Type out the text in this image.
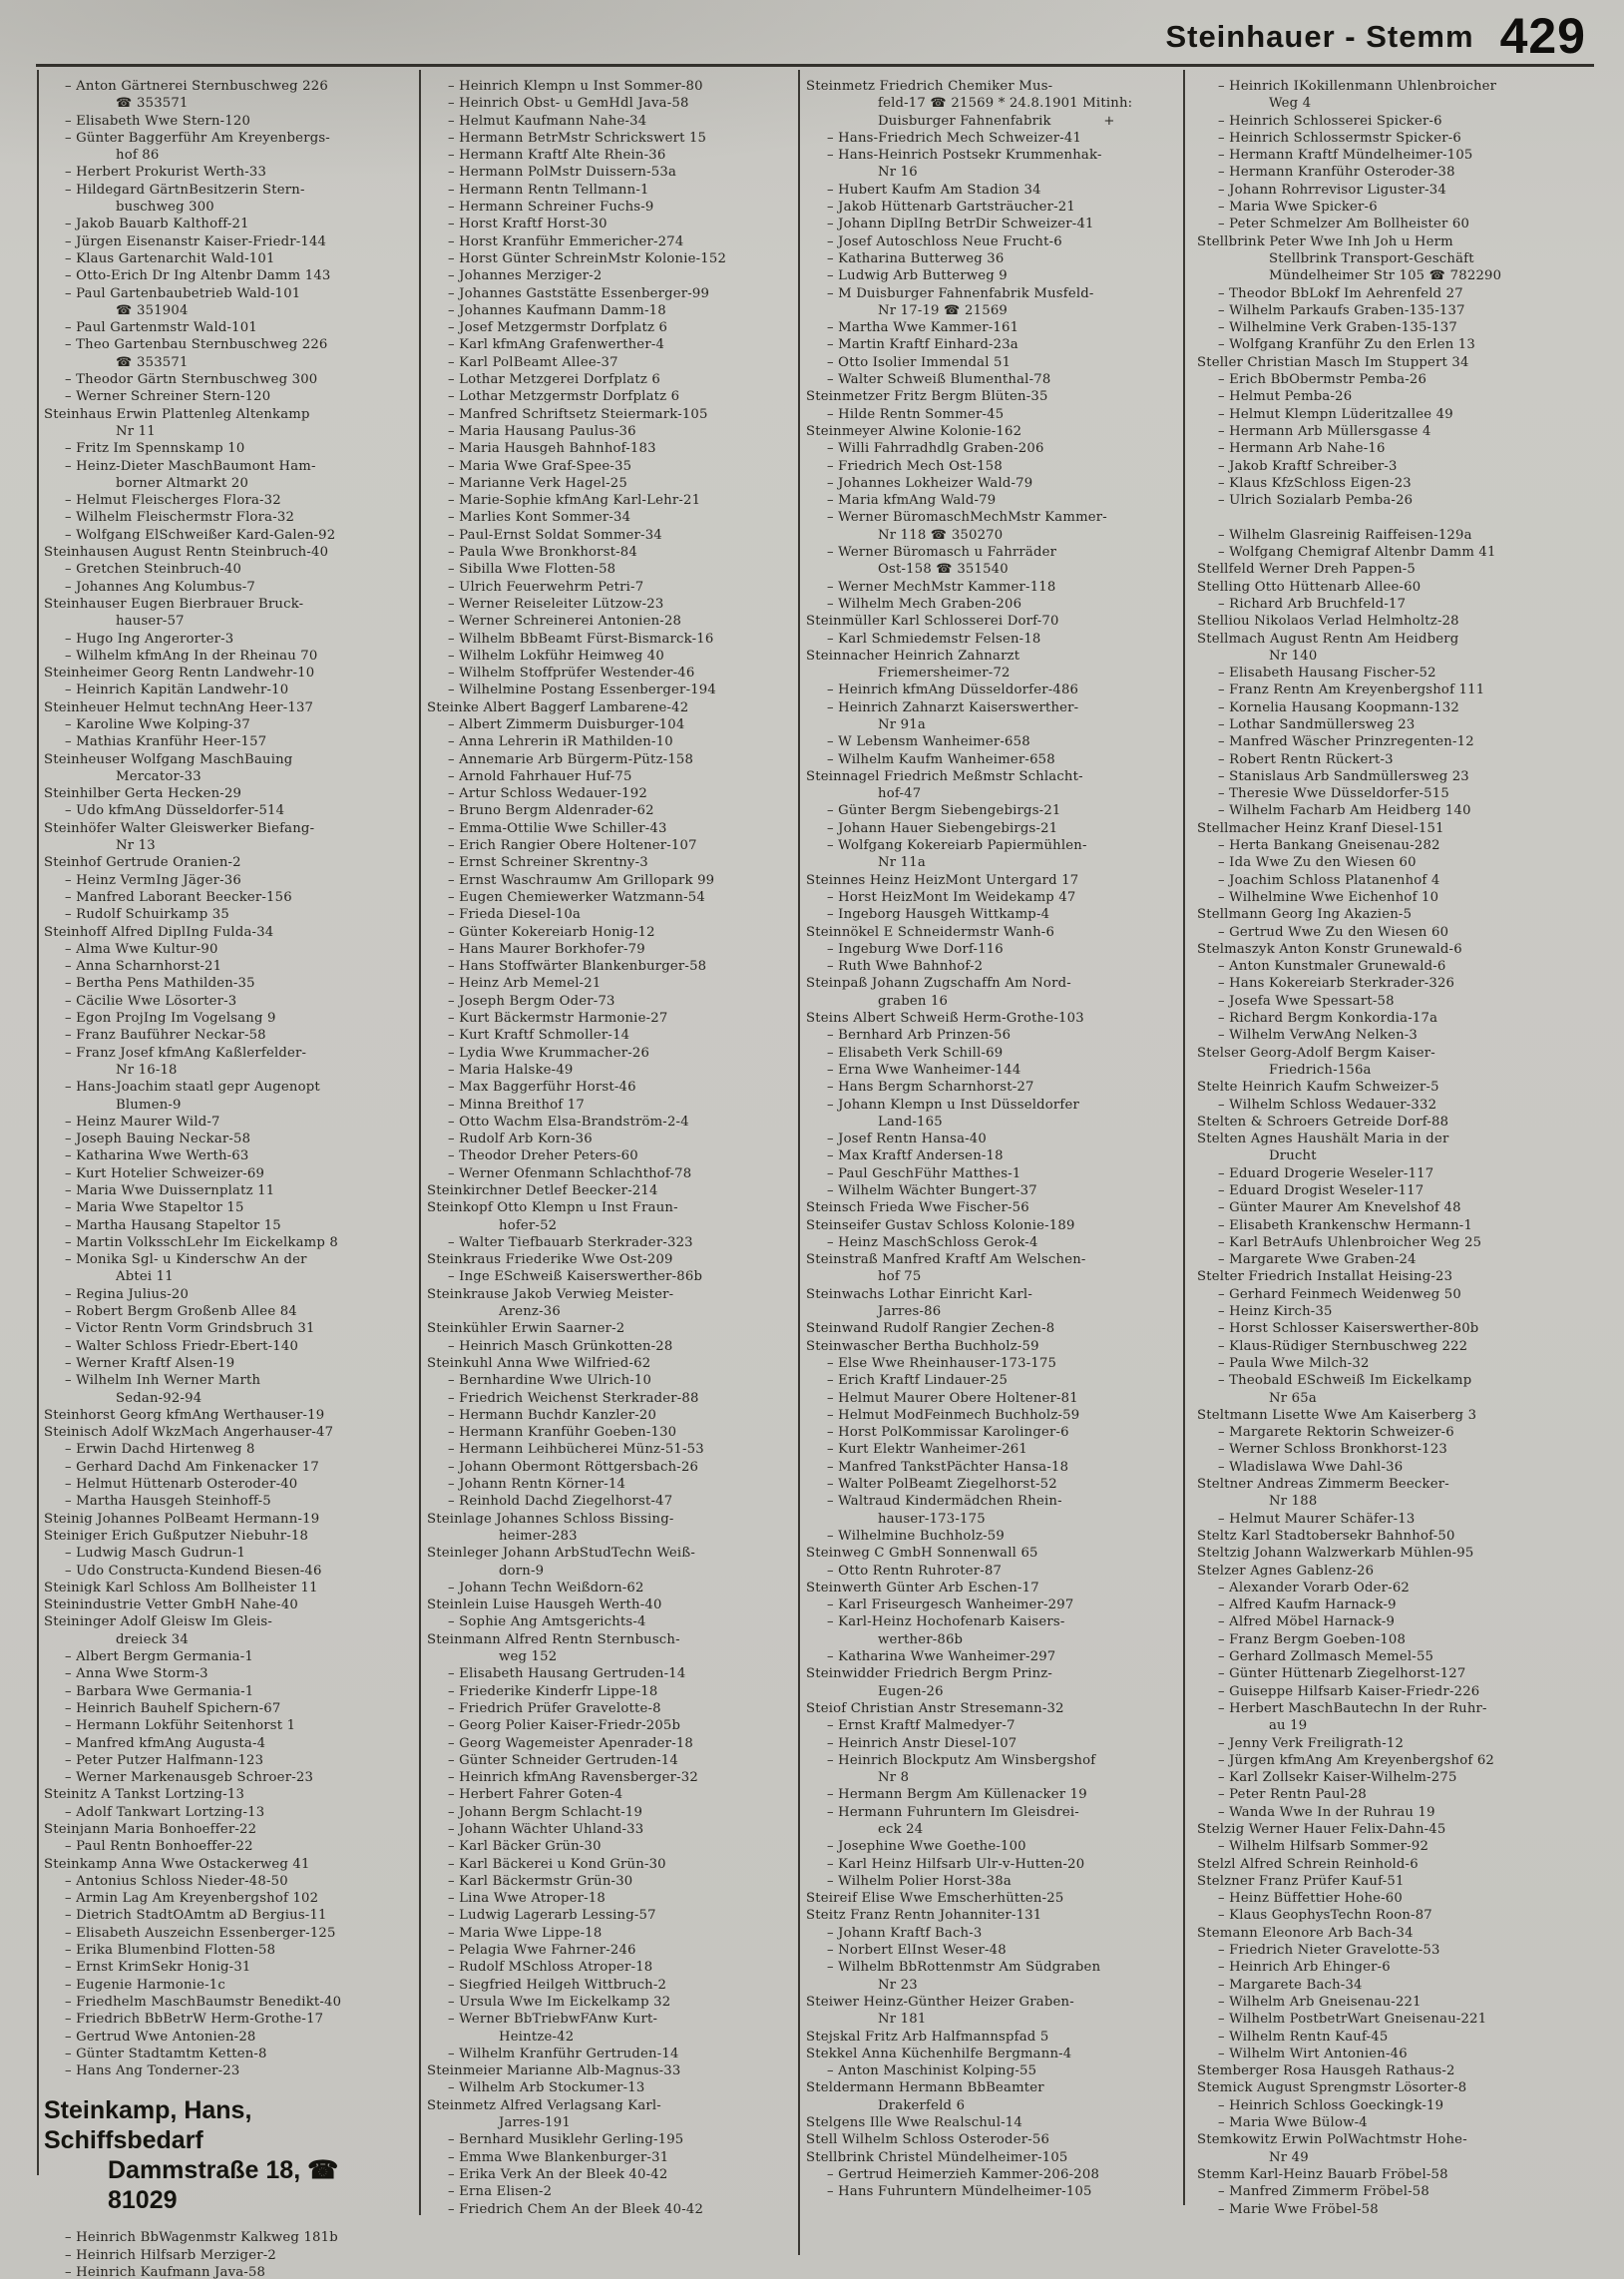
Steinhauer - Stemm 429
– Anton Gärtnerei Sternbuschweg 226
☎ 353571
– Elisabeth Wwe Stern-120
– Günter Baggerführ Am Kreyenbergs-
hof 86
– Herbert Prokurist Werth-33
– Hildegard GärtnBesitzerin Stern-
buschweg 300
– Jakob Bauarb Kalthoff-21
– Jürgen Eisenanstr Kaiser-Friedr-144
– Klaus Gartenarchit Wald-101
– Otto-Erich Dr Ing Altenbr Damm 143
– Paul Gartenbaubetrieb Wald-101
☎ 351904
– Paul Gartenmstr Wald-101
– Theo Gartenbau Sternbuschweg 226
☎ 353571
– Theodor Gärtn Sternbuschweg 300
– Werner Schreiner Stern-120
Steinhaus Erwin Plattenleg Altenkamp
Nr 11
– Fritz Im Spennskamp 10
– Heinz-Dieter MaschBaumont Ham-
borner Altmarkt 20
– Helmut Fleischerges Flora-32
– Wilhelm Fleischermstr Flora-32
– Wolfgang ElSchweißer Kard-Galen-92
Steinhausen August Rentn Steinbruch-40
– Gretchen Steinbruch-40
– Johannes Ang Kolumbus-7
Steinhauser Eugen Bierbrauer Bruck-
hauser-57
– Hugo Ing Angerorter-3
– Wilhelm kfmAng In der Rheinau 70
Steinheimer Georg Rentn Landwehr-10
– Heinrich Kapitän Landwehr-10
Steinheuer Helmut technAng Heer-137
– Karoline Wwe Kolping-37
– Mathias Kranführ Heer-157
Steinheuser Wolfgang MaschBauing
Mercator-33
Steinhilber Gerta Hecken-29
– Udo kfmAng Düsseldorfer-514
Steinhöfer Walter Gleiswerker Biefang-
Nr 13
Steinhof Gertrude Oranien-2
– Heinz VermIng Jäger-36
– Manfred Laborant Beecker-156
– Rudolf Schuirkamp 35
Steinhoff Alfred DiplIng Fulda-34
– Alma Wwe Kultur-90
– Anna Scharnhorst-21
– Bertha Pens Mathilden-35
– Cäcilie Wwe Lösorter-3
– Egon ProjIng Im Vogelsang 9
– Franz Bauführer Neckar-58
– Franz Josef kfmAng Kaßlerfelder-
Nr 16-18
– Hans-Joachim staatl gepr Augenopt
Blumen-9
– Heinz Maurer Wild-7
– Joseph Bauing Neckar-58
– Katharina Wwe Werth-63
– Kurt Hotelier Schweizer-69
– Maria Wwe Duissernplatz 11
– Maria Wwe Stapeltor 15
– Martha Hausang Stapeltor 15
– Martin VolksschLehr Im Eickelkamp 8
– Monika Sgl- u Kinderschw An der
Abtei 11
– Regina Julius-20
– Robert Bergm Großenb Allee 84
– Victor Rentn Vorm Grindsbruch 31
– Walter Schloss Friedr-Ebert-140
– Werner Kraftf Alsen-19
– Wilhelm Inh Werner Marth
Sedan-92-94
Steinhorst Georg kfmAng Werthauser-19
Steinisch Adolf WkzMach Angerhauser-47
– Erwin Dachd Hirtenweg 8
– Gerhard Dachd Am Finkenacker 17
– Helmut Hüttenarb Osteroder-40
– Martha Hausgeh Steinhoff-5
Steinig Johannes PolBeamt Hermann-19
Steiniger Erich Gußputzer Niebuhr-18
– Ludwig Masch Gudrun-1
– Udo Constructa-Kundend Biesen-46
Steinigk Karl Schloss Am Bollheister 11
Steinindustrie Vetter GmbH Nahe-40
Steininger Adolf Gleisw Im Gleis-
dreieck 34
– Albert Bergm Germania-1
– Anna Wwe Storm-3
– Barbara Wwe Germania-1
– Heinrich Bauhelf Spichern-67
– Hermann Lokführ Seitenhorst 1
– Manfred kfmAng Augusta-4
– Peter Putzer Halfmann-123
– Werner Markenausgeb Schroer-23
Steinitz A Tankst Lortzing-13
– Adolf Tankwart Lortzing-13
Steinjann Maria Bonhoeffer-22
– Paul Rentn Bonhoeffer-22
Steinkamp Anna Wwe Ostackerweg 41
– Antonius Schloss Nieder-48-50
– Armin Lag Am Kreyenbergshof 102
– Dietrich StadtOAmtm aD Bergius-11
– Elisabeth Auszeichn Essenberger-125
– Erika Blumenbind Flotten-58
– Ernst KrimSekr Honig-31
– Eugenie Harmonie-1c
– Friedhelm MaschBaumstr Benedikt-40
– Friedrich BbBetrW Herm-Grothe-17
– Gertrud Wwe Antonien-28
– Günter Stadtamtm Ketten-8
– Hans Ang Tonderner-23
Steinkamp, Hans, Schiffsbedarf
Dammstraße 18, ☎ 81029
– Heinrich BbWagenmstr Kalkweg 181b
– Heinrich Hilfsarb Merziger-2
– Heinrich Kaufmann Java-58
– Heinrich Klempn u Inst Sommer-80
– Heinrich Obst- u GemHdl Java-58
– Helmut Kaufmann Nahe-34
– Hermann BetrMstr Schrickswert 15
– Hermann Kraftf Alte Rhein-36
– Hermann PolMstr Duissern-53a
– Hermann Rentn Tellmann-1
– Hermann Schreiner Fuchs-9
– Horst Kraftf Horst-30
– Horst Kranführ Emmericher-274
– Horst Günter SchreinMstr Kolonie-152
– Johannes Merziger-2
– Johannes Gaststätte Essenberger-99
– Johannes Kaufmann Damm-18
– Josef Metzgermstr Dorfplatz 6
– Karl kfmAng Grafenwerther-4
– Karl PolBeamt Allee-37
– Lothar Metzgerei Dorfplatz 6
– Lothar Metzgermstr Dorfplatz 6
– Manfred Schriftsetz Steiermark-105
– Maria Hausang Paulus-36
– Maria Hausgeh Bahnhof-183
– Maria Wwe Graf-Spee-35
– Marianne Verk Hagel-25
– Marie-Sophie kfmAng Karl-Lehr-21
– Marlies Kont Sommer-34
– Paul-Ernst Soldat Sommer-34
– Paula Wwe Bronkhorst-84
– Sibilla Wwe Flotten-58
– Ulrich Feuerwehrm Petri-7
– Werner Reiseleiter Lützow-23
– Werner Schreinerei Antonien-28
– Wilhelm BbBeamt Fürst-Bismarck-16
– Wilhelm Lokführ Heimweg 40
– Wilhelm Stoffprüfer Westender-46
– Wilhelmine Postang Essenberger-194
Steinke Albert Baggerf Lambarene-42
– Albert Zimmerm Duisburger-104
– Anna Lehrerin iR Mathilden-10
– Annemarie Arb Bürgerm-Pütz-158
– Arnold Fahrhauer Huf-75
– Artur Schloss Wedauer-192
– Bruno Bergm Aldenrader-62
– Emma-Ottilie Wwe Schiller-43
– Erich Rangier Obere Holtener-107
– Ernst Schreiner Skrentny-3
– Ernst Waschraumw Am Grillopark 99
– Eugen Chemiewerker Watzmann-54
– Frieda Diesel-10a
– Günter Kokereiarb Honig-12
– Hans Maurer Borkhofer-79
– Hans Stoffwärter Blankenburger-58
– Heinz Arb Memel-21
– Joseph Bergm Oder-73
– Kurt Bäckermstr Harmonie-27
– Kurt Kraftf Schmoller-14
– Lydia Wwe Krummacher-26
– Maria Halske-49
– Max Baggerführ Horst-46
– Minna Breithof 17
– Otto Wachm Elsa-Brandström-2-4
– Rudolf Arb Korn-36
– Theodor Dreher Peters-60
– Werner Ofenmann Schlachthof-78
Steinkirchner Detlef Beecker-214
Steinkopf Otto Klempn u Inst Fraun-
hofer-52
– Walter Tiefbauarb Sterkrader-323
Steinkraus Friederike Wwe Ost-209
– Inge ESchweiß Kaiserswerther-86b
Steinkrause Jakob Verwieg Meister-
Arenz-36
Steinkühler Erwin Saarner-2
– Heinrich Masch Grünkotten-28
Steinkuhl Anna Wwe Wilfried-62
– Bernhardine Wwe Ulrich-10
– Friedrich Weichenst Sterkrader-88
– Hermann Buchdr Kanzler-20
– Hermann Kranführ Goeben-130
– Hermann Leihbücherei Münz-51-53
– Johann Obermont Röttgersbach-26
– Johann Rentn Körner-14
– Reinhold Dachd Ziegelhorst-47
Steinlage Johannes Schloss Bissing-
heimer-283
Steinleger Johann ArbStudTechn Weiß-
dorn-9
– Johann Techn Weißdorn-62
Steinlein Luise Hausgeh Werth-40
– Sophie Ang Amtsgerichts-4
Steinmann Alfred Rentn Sternbusch-
weg 152
– Elisabeth Hausang Gertruden-14
– Friederike Kinderfr Lippe-18
– Friedrich Prüfer Gravelotte-8
– Georg Polier Kaiser-Friedr-205b
– Georg Wagemeister Apenrader-18
– Günter Schneider Gertruden-14
– Heinrich kfmAng Ravensberger-32
– Herbert Fahrer Goten-4
– Johann Bergm Schlacht-19
– Johann Wächter Uhland-33
– Karl Bäcker Grün-30
– Karl Bäckerei u Kond Grün-30
– Karl Bäckermstr Grün-30
– Lina Wwe Atroper-18
– Ludwig Lagerarb Lessing-57
– Maria Wwe Lippe-18
– Pelagia Wwe Fahrner-246
– Rudolf MSchloss Atroper-18
– Siegfried Heilgeh Wittbruch-2
– Ursula Wwe Im Eickelkamp 32
– Werner BbTriebwFAnw Kurt-
Heintze-42
– Wilhelm Kranführ Gertruden-14
Steinmeier Marianne Alb-Magnus-33
– Wilhelm Arb Stockumer-13
Steinmetz Alfred Verlagsang Karl-
Jarres-191
– Bernhard Musiklehr Gerling-195
– Emma Wwe Blankenburger-31
– Erika Verk An der Bleek 40-42
– Erna Elisen-2
– Friedrich Chem An der Bleek 40-42
Steinmetz Friedrich Chemiker Mus-
feld-17 ☎ 21569 * 24.8.1901 Mitinh:
Duisburger Fahnenfabrik            +
– Hans-Friedrich Mech Schweizer-41
– Hans-Heinrich Postsekr Krummenhak-
Nr 16
– Hubert Kaufm Am Stadion 34
– Jakob Hüttenarb Gartsträucher-21
– Johann DiplIng BetrDir Schweizer-41
– Josef Autoschloss Neue Frucht-6
– Katharina Butterweg 36
– Ludwig Arb Butterweg 9
– M Duisburger Fahnenfabrik Musfeld-
Nr 17-19 ☎ 21569
– Martha Wwe Kammer-161
– Martin Kraftf Einhard-23a
– Otto Isolier Immendal 51
– Walter Schweiß Blumenthal-78
Steinmetzer Fritz Bergm Blüten-35
– Hilde Rentn Sommer-45
Steinmeyer Alwine Kolonie-162
– Willi Fahrradhdlg Graben-206
– Friedrich Mech Ost-158
– Johannes Lokheizer Wald-79
– Maria kfmAng Wald-79
– Werner BüromaschMechMstr Kammer-
Nr 118 ☎ 350270
– Werner Büromasch u Fahrräder
Ost-158 ☎ 351540
– Werner MechMstr Kammer-118
– Wilhelm Mech Graben-206
Steinmüller Karl Schlosserei Dorf-70
– Karl Schmiedemstr Felsen-18
Steinnacher Heinrich Zahnarzt
Friemersheimer-72
– Heinrich kfmAng Düsseldorfer-486
– Heinrich Zahnarzt Kaiserswerther-
Nr 91a
– W Lebensm Wanheimer-658
– Wilhelm Kaufm Wanheimer-658
Steinnagel Friedrich Meßmstr Schlacht-
hof-47
– Günter Bergm Siebengebirgs-21
– Johann Hauer Siebengebirgs-21
– Wolfgang Kokereiarb Papiermühlen-
Nr 11a
Steinnes Heinz HeizMont Untergard 17
– Horst HeizMont Im Weidekamp 47
– Ingeborg Hausgeh Wittkamp-4
Steinnökel E Schneidermstr Wanh-6
– Ingeburg Wwe Dorf-116
– Ruth Wwe Bahnhof-2
Steinpaß Johann Zugschaffn Am Nord-
graben 16
Steins Albert Schweiß Herm-Grothe-103
– Bernhard Arb Prinzen-56
– Elisabeth Verk Schill-69
– Erna Wwe Wanheimer-144
– Hans Bergm Scharnhorst-27
– Johann Klempn u Inst Düsseldorfer
Land-165
– Josef Rentn Hansa-40
– Max Kraftf Andersen-18
– Paul GeschFühr Matthes-1
– Wilhelm Wächter Bungert-37
Steinsch Frieda Wwe Fischer-56
Steinseifer Gustav Schloss Kolonie-189
– Heinz MaschSchloss Gerok-4
Steinstraß Manfred Kraftf Am Welschen-
hof 75
Steinwachs Lothar Einricht Karl-
Jarres-86
Steinwand Rudolf Rangier Zechen-8
Steinwascher Bertha Buchholz-59
– Else Wwe Rheinhauser-173-175
– Erich Kraftf Lindauer-25
– Helmut Maurer Obere Holtener-81
– Helmut ModFeinmech Buchholz-59
– Horst PolKommissar Karolinger-6
– Kurt Elektr Wanheimer-261
– Manfred TankstPächter Hansa-18
– Walter PolBeamt Ziegelhorst-52
– Waltraud Kindermädchen Rhein-
hauser-173-175
– Wilhelmine Buchholz-59
Steinweg C GmbH Sonnenwall 65
– Otto Rentn Ruhroter-87
Steinwerth Günter Arb Eschen-17
– Karl Friseurgesch Wanheimer-297
– Karl-Heinz Hochofenarb Kaisers-
werther-86b
– Katharina Wwe Wanheimer-297
Steinwidder Friedrich Bergm Prinz-
Eugen-26
Steiof Christian Anstr Stresemann-32
– Ernst Kraftf Malmedyer-7
– Heinrich Anstr Diesel-107
– Heinrich Blockputz Am Winsbergshof
Nr 8
– Hermann Bergm Am Küllenacker 19
– Hermann Fuhruntern Im Gleisdrei-
eck 24
– Josephine Wwe Goethe-100
– Karl Heinz Hilfsarb Ulr-v-Hutten-20
– Wilhelm Polier Horst-38a
Steireif Elise Wwe Emscherhütten-25
Steitz Franz Rentn Johanniter-131
– Johann Kraftf Bach-3
– Norbert ElInst Weser-48
– Wilhelm BbRottenmstr Am Südgraben
Nr 23
Steiwer Heinz-Günther Heizer Graben-
Nr 181
Stejskal Fritz Arb Halfmannspfad 5
Stekkel Anna Küchenhilfe Bergmann-4
– Anton Maschinist Kolping-55
Steldermann Hermann BbBeamter
Drakerfeld 6
Stelgens Ille Wwe Realschul-14
Stell Wilhelm Schloss Osteroder-56
Stellbrink Christel Mündelheimer-105
– Gertrud Heimerzieh Kammer-206-208
– Hans Fuhruntern Mündelheimer-105
– Heinrich IKokillenmann Uhlenbroicher
Weg 4
– Heinrich Schlosserei Spicker-6
– Heinrich Schlossermstr Spicker-6
– Hermann Kraftf Mündelheimer-105
– Hermann Kranführ Osteroder-38
– Johann Rohrrevisor Liguster-34
– Maria Wwe Spicker-6
– Peter Schmelzer Am Bollheister 60
Stellbrink Peter Wwe Inh Joh u Herm
Stellbrink Transport-Geschäft
Mündelheimer Str 105 ☎ 782290
– Theodor BbLokf Im Aehrenfeld 27
– Wilhelm Parkaufs Graben-135-137
– Wilhelmine Verk Graben-135-137
– Wolfgang Kranführ Zu den Erlen 13
Steller Christian Masch Im Stuppert 34
– Erich BbObermstr Pemba-26
– Helmut Pemba-26
– Helmut Klempn Lüderitzallee 49
– Hermann Arb Müllersgasse 4
– Hermann Arb Nahe-16
– Jakob Kraftf Schreiber-3
– Klaus KfzSchloss Eigen-23
– Ulrich Sozialarb Pemba-26
– Wilhelm Glasreinig Raiffeisen-129a
– Wolfgang Chemigraf Altenbr Damm 41
Stellfeld Werner Dreh Pappen-5
Stelling Otto Hüttenarb Allee-60
– Richard Arb Bruchfeld-17
Stelliou Nikolaos Verlad Helmholtz-28
Stellmach August Rentn Am Heidberg
Nr 140
– Elisabeth Hausang Fischer-52
– Franz Rentn Am Kreyenbergshof 111
– Kornelia Hausang Koopmann-132
– Lothar Sandmüllersweg 23
– Manfred Wäscher Prinzregenten-12
– Robert Rentn Rückert-3
– Stanislaus Arb Sandmüllersweg 23
– Theresie Wwe Düsseldorfer-515
– Wilhelm Facharb Am Heidberg 140
Stellmacher Heinz Kranf Diesel-151
– Herta Bankang Gneisenau-282
– Ida Wwe Zu den Wiesen 60
– Joachim Schloss Platanenhof 4
– Wilhelmine Wwe Eichenhof 10
Stellmann Georg Ing Akazien-5
– Gertrud Wwe Zu den Wiesen 60
Stelmaszyk Anton Konstr Grunewald-6
– Anton Kunstmaler Grunewald-6
– Hans Kokereiarb Sterkrader-326
– Josefa Wwe Spessart-58
– Richard Bergm Konkordia-17a
– Wilhelm VerwAng Nelken-3
Stelser Georg-Adolf Bergm Kaiser-
Friedrich-156a
Stelte Heinrich Kaufm Schweizer-5
– Wilhelm Schloss Wedauer-332
Stelten & Schroers Getreide Dorf-88
Stelten Agnes Haushält Maria in der
Drucht
– Eduard Drogerie Weseler-117
– Eduard Drogist Weseler-117
– Günter Maurer Am Knevelshof 48
– Elisabeth Krankenschw Hermann-1
– Karl BetrAufs Uhlenbroicher Weg 25
– Margarete Wwe Graben-24
Stelter Friedrich Installat Heising-23
– Gerhard Feinmech Weidenweg 50
– Heinz Kirch-35
– Horst Schlosser Kaiserswerther-80b
– Klaus-Rüdiger Sternbuschweg 222
– Paula Wwe Milch-32
– Theobald ESchweiß Im Eickelkamp
Nr 65a
Steltmann Lisette Wwe Am Kaiserberg 3
– Margarete Rektorin Schweizer-6
– Werner Schloss Bronkhorst-123
– Wladislawa Wwe Dahl-36
Steltner Andreas Zimmerm Beecker-
Nr 188
– Helmut Maurer Schäfer-13
Steltz Karl Stadtobersekr Bahnhof-50
Steltzig Johann Walzwerkarb Mühlen-95
Stelzer Agnes Gablenz-26
– Alexander Vorarb Oder-62
– Alfred Kaufm Harnack-9
– Alfred Möbel Harnack-9
– Franz Bergm Goeben-108
– Gerhard Zollmasch Memel-55
– Günter Hüttenarb Ziegelhorst-127
– Guiseppe Hilfsarb Kaiser-Friedr-226
– Herbert MaschBautechn In der Ruhr-
au 19
– Jenny Verk Freiligrath-12
– Jürgen kfmAng Am Kreyenbergshof 62
– Karl Zollsekr Kaiser-Wilhelm-275
– Peter Rentn Paul-28
– Wanda Wwe In der Ruhrau 19
Stelzig Werner Hauer Felix-Dahn-45
– Wilhelm Hilfsarb Sommer-92
Stelzl Alfred Schrein Reinhold-6
Stelzner Franz Prüfer Kauf-51
– Heinz Büffettier Hohe-60
– Klaus GeophysTechn Roon-87
Stemann Eleonore Arb Bach-34
– Friedrich Nieter Gravelotte-53
– Heinrich Arb Ehinger-6
– Margarete Bach-34
– Wilhelm Arb Gneisenau-221
– Wilhelm PostbetrWart Gneisenau-221
– Wilhelm Rentn Kauf-45
– Wilhelm Wirt Antonien-46
Stemberger Rosa Hausgeh Rathaus-2
Stemick August Sprengmstr Lösorter-8
– Heinrich Schloss Goeckingk-19
– Maria Wwe Bülow-4
Stemkowitz Erwin PolWachtmstr Hohe-
Nr 49
Stemm Karl-Heinz Bauarb Fröbel-58
– Manfred Zimmerm Fröbel-58
– Marie Wwe Fröbel-58
